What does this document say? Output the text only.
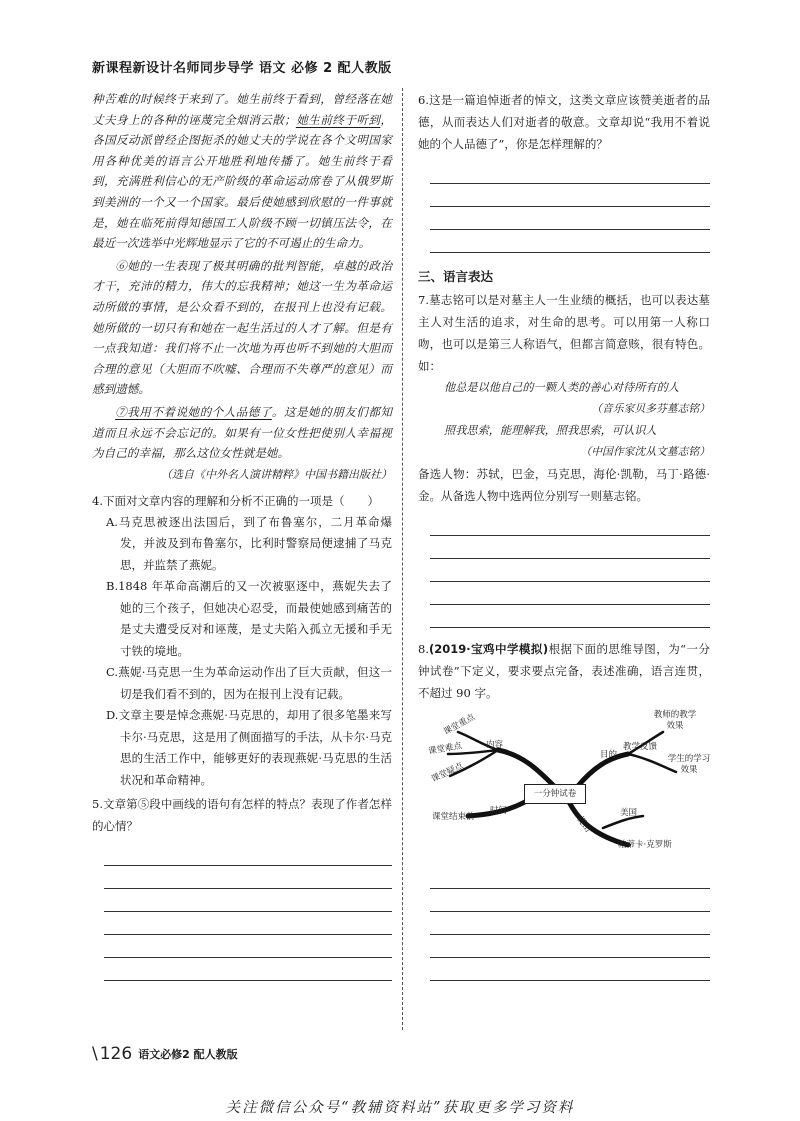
新课程新设计名师同步导学 语文 必修 2 配人教版

种苦难的时候终于来到了。她生前终于看到，曾经落在她丈夫身上的各种的诬蔑完全烟消云散；她生前终于听到，各国反动派曾经企图扼杀的她丈夫的学说在各个文明国家用各种优美的语言公开地胜利地传播了。她生前终于看到，充满胜利信心的无产阶级的革命运动席卷了从俄罗斯到美洲的一个又一个国家。最后使她感到欣慰的一件事就是，她在临死前得知德国工人阶级不顾一切镇压法令，在最近一次选举中光辉地显示了它的不可遏止的生命力。

⑥她的一生表现了极其明确的批判智能，卓越的政治才干，充沛的精力，伟大的忘我精神；她这一生为革命运动所做的事情，是公众看不到的，在报刊上也没有记载。她所做的一切只有和她在一起生活过的人才了解。但是有一点我知道：我们将不止一次地为再也听不到她的大胆而合理的意见（大胆而不吹嘘、合理而不失尊严的意见）而感到遗憾。

⑦我用不着说她的个人品德了。这是她的朋友们都知道而且永远不会忘记的。如果有一位女性把使别人幸福视为自己的幸福，那么这位女性就是她。

（选自《中外名人演讲精粹》中国书籍出版社）

4.下面对文章内容的理解和分析不正确的一项是（　　）

A.马克思被逐出法国后，到了布鲁塞尔，二月革命爆发，并波及到布鲁塞尔，比利时警察局便逮捕了马克思，并监禁了燕妮。

B.1848 年革命高潮后的又一次被驱逐中，燕妮失去了她的三个孩子，但她决心忍受，而最使她感到痛苦的是丈夫遭受反对和诬蔑，是丈夫陷入孤立无援和手无寸铁的境地。

C.燕妮·马克思一生为革命运动作出了巨大贡献，但这一切是我们看不到的，因为在报刊上没有记载。

D.文章主要是悼念燕妮·马克思的，却用了很多笔墨来写卡尔·马克思，这是用了侧面描写的手法，从卡尔·马克思的生活工作中，能够更好的表现燕妮·马克思的生活状况和革命精神。

5.文章第⑤段中画线的语句有怎样的特点？表现了作者怎样的心情？

6.这是一篇追悼逝者的悼文，这类文章应该赞美逝者的品德，从而表达人们对逝者的敬意。文章却说“我用不着说她的个人品德了”，你是怎样理解的？

三、语言表达

7.墓志铭可以是对墓主人一生业绩的概括，也可以表达墓主人对生活的追求，对生命的思考。可以用第一人称口吻，也可以是第三人称语气，但都言简意赅，很有特色。如：

他总是以他自己的一颗人类的善心对待所有的人

（音乐家贝多芬墓志铭）

照我思索，能理解我，照我思索，可认识人

（中国作家沈从文墓志铭）

备选人物：苏轼，巴金，马克思，海伦·凯勒，马丁·路德·金。从备选人物中选两位分别写一则墓志铭。

8.(2019·宝鸡中学模拟)根据下面的思维导图，为“一分钟试卷”下定义，要求要点完备，表述准确，语言连贯，不超过 90 字。

一分钟试卷
内容
课堂重点
课堂难点
课堂疑点
目的
教学反馈
教师的教学效果
学生的学习效果
时间
课堂结束前	提出
美国
帕蒂卡·克罗斯
\ 126 语文必修2 配人教版
关注微信公众号“教辅资料站”获取更多学习资料
